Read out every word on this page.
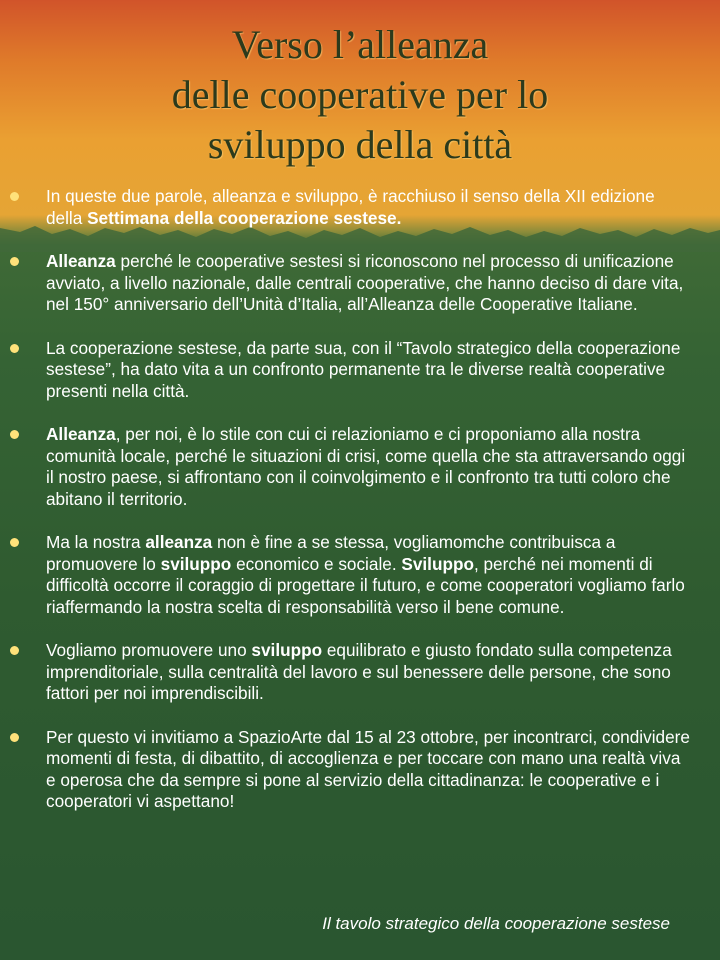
Verso l’alleanza
delle cooperative per lo
sviluppo della città
In queste due parole, alleanza e sviluppo, è racchiuso il senso della XII edizione della Settimana della cooperazione sestese.
Alleanza perché le cooperative sestesi si riconoscono nel processo di unificazione avviato, a livello nazionale, dalle centrali cooperative, che hanno deciso di dare vita, nel 150° anniversario dell’Unità d’Italia, all’Alleanza delle Cooperative Italiane.
La cooperazione sestese, da parte sua, con il “Tavolo strategico della cooperazione sestese”, ha dato vita a un confronto permanente tra le diverse realtà cooperative presenti nella città.
Alleanza, per noi, è lo stile con cui ci relazioniamo e ci proponiamo alla nostra comunità locale, perché le situazioni di crisi, come quella che sta attraversando oggi il nostro paese, si affrontano con il coinvolgimento e il confronto tra tutti coloro che abitano il territorio.
Ma la nostra alleanza non è fine a se stessa, vogliamomche contribuisca a promuovere lo sviluppo economico e sociale. Sviluppo, perché nei momenti di difficoltà occorre il coraggio di progettare il futuro, e come cooperatori vogliamo farlo riaffermando la nostra scelta di responsabilità verso il bene comune.
Vogliamo promuovere uno sviluppo equilibrato e giusto fondato sulla competenza imprenditoriale, sulla centralità del lavoro e sul benessere delle persone, che sono fattori per noi imprendiscibili.
Per questo vi invitiamo a SpazioArte dal 15 al 23 ottobre, per incontrarci, condividere momenti di festa, di dibattito, di accoglienza e per toccare con mano una realtà viva e operosa che da sempre si pone al servizio della cittadinanza: le cooperative e i cooperatori vi aspettano!
Il tavolo strategico della cooperazione sestese
